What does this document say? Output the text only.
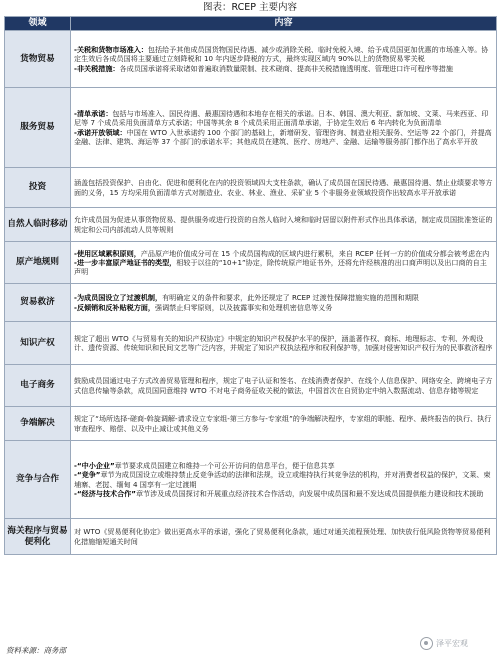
图表：RCEP 主要内容
领域	内容
货物贸易	-关税和货物市场准入：包括给予其他成员国货物国民待遇、减少或消除关税、临时免税入境、给予成员国更加优惠的市场准入等。协定生效后各成员国将主要通过立刻降税和 10 年内逐步降税的方式，最终实现区域内 90%以上的货物贸易零关税
-非关税措施：各成员国承诺将采取诸如普遍取消数量限制、技术磋商、提高非关税措施透明度、管理进口许可程序等措施

服务贸易	-清单承诺：包括与市场准入、国民待遇、最惠国待遇和本地存在相关的承诺。日本、韩国、澳大利亚、新加坡、文莱、马来西亚、印尼等 7 个成员采用负面清单方式承诺；中国等其余 8 个成员采用正面清单承诺，于协定生效后 6 年内转化为负面清单
-承诺开放领域：中国在 WTO 入世承诺约 100 个部门的基础上，新增研发、管理咨询、制造业相关服务、空运等 22 个部门，并提高金融、法律、建筑、海运等 37 个部门的承诺水平；其他成员在建筑、医疗、房地产、金融、运输等服务部门都作出了高水平开放

投资	涵盖包括投资保护、自由化、促进和便利化在内的投资领域四大支柱条款，确认了成员国在国民待遇、最惠国待遇、禁止业绩要求等方面的义务，15 方均采用负面清单方式对制造业、农业、林业、渔业、采矿业 5 个非服务业领域投资作出较高水平开放承诺

自然人临时移动	允许成员国为促进从事货物贸易、提供服务或进行投资的自然人临时入境和临时居留以附件形式作出具体承诺，制定成员国批准签证的规定和公司内部流动人员等规则

原产地规则	-使用区域累积原则，产品原产地价值成分可在 15 个成员国构成的区域内进行累积，来自 RCEP 任何一方的价值成分都会被考虑在内
-进一步丰富原产地证书的类型，相较于以往的“10+1”协定，除传统原产地证书外，还将允许经核准的出口商声明以及出口商的自主声明

贸易救济	-为成员国设立了过渡机制，有明确定义的条件和要求，此外还规定了 RCEP 过渡性保障措施实施的范围和期限
-反倾销和反补贴税方面，强调禁止归零原则，以及披露事实和处理机密信息等义务

知识产权	规定了超出 WTO《与贸易有关的知识产权协定》中规定的知识产权保护水平的保护，涵盖著作权、商标、地理标志、专利、外观设计、遗传资源、传统知识和民间文艺等广泛内容，并规定了知识产权执法程序和权利保护等，加强对侵害知识产权行为的民事救济程序

电子商务	鼓励成员国通过电子方式改善贸易管理和程序，规定了电子认证和签名、在线消费者保护、在线个人信息保护、网络安全、跨境电子方式信息传输等条款，成员国同意维持 WTO 不对电子商务征收关税的做法，中国首次在自贸协定中纳入数据流动、信息存储等规定

争端解决	规定了“场所选择-磋商-斡旋调解-请求设立专家组-第三方参与-专家组”的争端解决程序，专家组的职能、程序、最终报告的执行、执行审查程序、赔偿、以及中止减让或其他义务

竞争与合作	-“中小企业”章节要求成员国建立和维持一个可公开访问的信息平台，便于信息共享
-“竞争”章节为成员国设立或维持禁止反竞争活动的法律和法规，设立或维持执行其竞争法的机构，并对消费者权益的保护，文莱、柬埔寨、老挝、缅甸 4 国享有一定过渡期
-“经济与技术合作”章节涉及成员国探讨和开展重点经济技术合作活动，向发展中成员国和最不发达成员国提供能力建设和技术援助

海关程序与贸易便利化	对 WTO《贸易便利化协定》做出更高水平的承诺，强化了贸易便利化条款，通过对通关流程预处理、加快放行低风险货物等贸易便利化措施缩短通关时间
资料来源：商务部
泽平宏观
